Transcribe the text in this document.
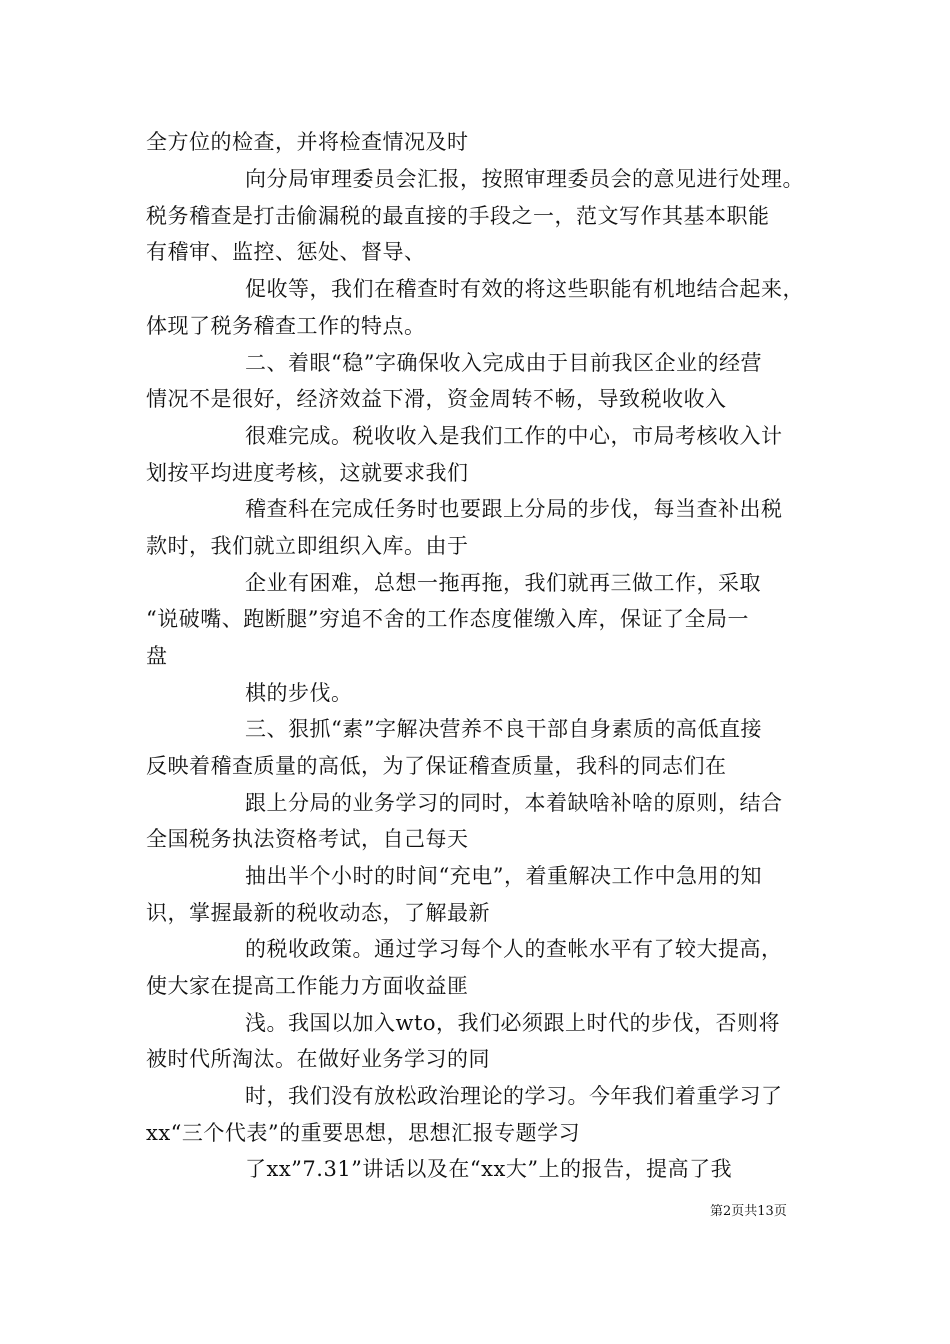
全方位的检查，并将检查情况及时
向分局审理委员会汇报，按照审理委员会的意见进行处理。
税务稽查是打击偷漏税的最直接的手段之一，范文写作其基本职能
有稽审、监控、惩处、督导、
促收等，我们在稽查时有效的将这些职能有机地结合起来，
体现了税务稽查工作的特点。
二、着眼“稳”字确保收入完成由于目前我区企业的经营
情况不是很好，经济效益下滑，资金周转不畅，导致税收收入
很难完成。税收收入是我们工作的中心，市局考核收入计
划按平均进度考核，这就要求我们
稽查科在完成任务时也要跟上分局的步伐，每当查补出税
款时，我们就立即组织入库。由于
企业有困难，总想一拖再拖，我们就再三做工作，采取
“说破嘴、跑断腿”穷追不舍的工作态度催缴入库，保证了全局一
盘
棋的步伐。
三、狠抓“素”字解决营养不良干部自身素质的高低直接
反映着稽查质量的高低，为了保证稽查质量，我科的同志们在
跟上分局的业务学习的同时，本着缺啥补啥的原则，结合
全国税务执法资格考试，自己每天
抽出半个小时的时间“充电”，着重解决工作中急用的知
识，掌握最新的税收动态，了解最新
的税收政策。通过学习每个人的查帐水平有了较大提高，
使大家在提高工作能力方面收益匪
浅。我国以加入wto，我们必须跟上时代的步伐，否则将
被时代所淘汰。在做好业务学习的同
时，我们没有放松政治理论的学习。今年我们着重学习了
xx“三个代表”的重要思想，思想汇报专题学习
了xx”7.31”讲话以及在“xx大”上的报告，提高了我
第2页共13页
